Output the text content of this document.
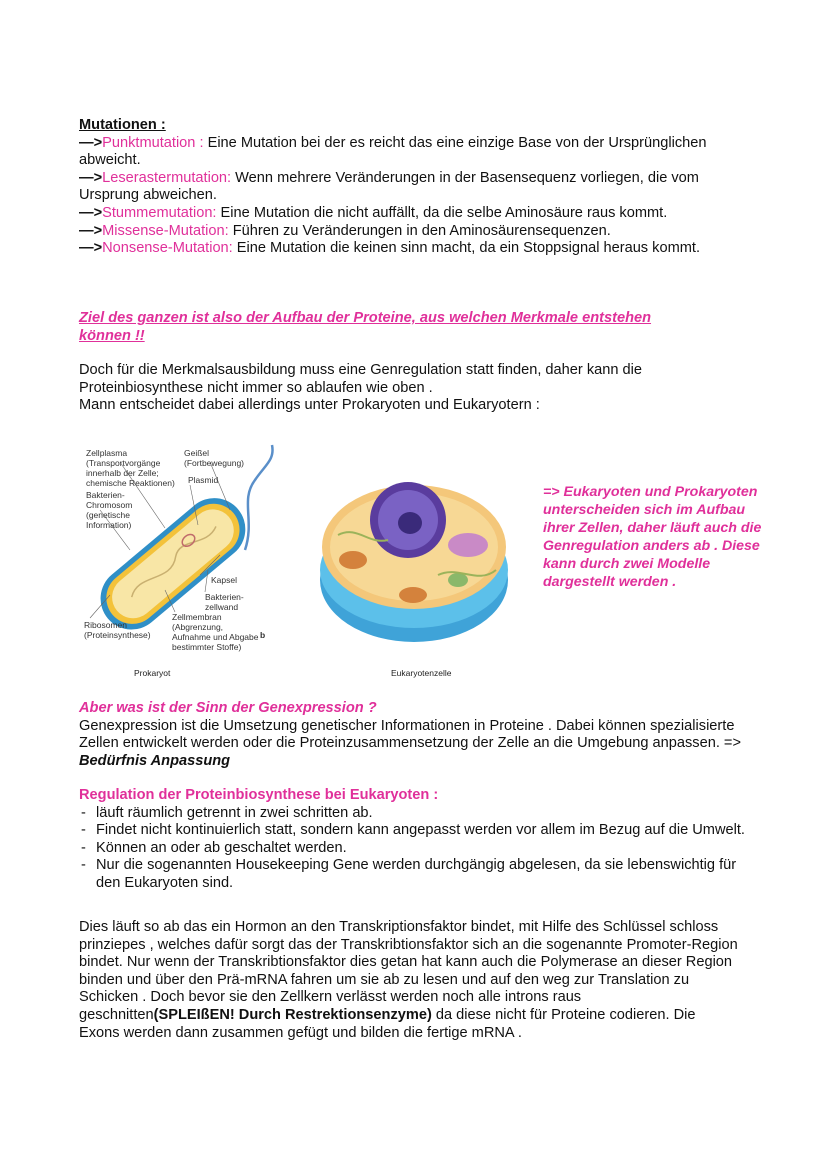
Mutationen :
—>Punktmutation : Eine Mutation bei der es reicht das eine einzige Base von der Ursprünglichen abweicht.
—>Leserastermutation: Wenn mehrere Veränderungen in der Basensequenz vorliegen, die vom Ursprung abweichen.
—>Stummemutation: Eine Mutation die nicht auffällt, da die selbe Aminosäure raus kommt.
—>Missense-Mutation: Führen zu Veränderungen in den Aminosäurensequenzen.
—>Nonsense-Mutation: Eine Mutation die keinen sinn macht, da ein Stoppsignal heraus kommt.
Ziel des ganzen ist also der Aufbau der Proteine, aus welchen Merkmale entstehen
können !!
Doch für die Merkmalsausbildung muss eine Genregulation statt finden, daher kann die Proteinbiosynthese nicht immer so ablaufen wie oben .
Mann entscheidet dabei allerdings unter Prokaryoten und Eukaryotern :
Zellplasma (Transportvorgänge innerhalb der Zelle; chemische Reaktionen)
Geißel (Fortbewegung)
Plasmid
Bakterien-Chromosom (genetische Information)
Kapsel
Bakterien-zellwand
Ribosomen (Proteinsynthese)
Zellmembran (Abgrenzung, Aufnahme und Abgabe bestimmter Stoffe)
b
=> Eukaryoten und Prokaryoten unterscheiden sich im Aufbau ihrer Zellen, daher läuft auch die Genregulation anders ab . Diese kann durch zwei Modelle dargestellt werden .
Prokaryot	Eukaryotenzelle
Aber was ist der Sinn der Genexpression ?
Genexpression ist die Umsetzung genetischer Informationen in Proteine . Dabei können spezialisierte Zellen entwickelt werden oder die Proteinzusammensetzung der Zelle an die Umgebung anpassen. => Bedürfnis Anpassung
Regulation der Proteinbiosynthese bei Eukaryoten :
- läuft räumlich getrennt in zwei schritten ab.
- Findet nicht kontinuierlich statt, sondern kann angepasst werden vor allem im Bezug auf die Umwelt.
- Können an oder ab geschaltet werden.
- Nur die sogenannten Housekeeping Gene werden durchgängig abgelesen, da sie lebenswichtig für den Eukaryoten sind.
Dies läuft so ab das ein Hormon an den Transkriptionsfaktor bindet, mit Hilfe des Schlüssel schloss prinziepes , welches dafür sorgt das der Transkribtionsfaktor sich an die sogenannte Promoter-Region bindet. Nur wenn der Transkribtionsfaktor dies getan hat kann auch die Polymerase an dieser Region binden und über den Prä-mRNA fahren um sie ab zu lesen und auf den weg zur Translation zu Schicken . Doch bevor sie den Zellkern verlässt werden noch alle introns raus geschnitten(SPLEIßEN! Durch Restrektionsenzyme) da diese nicht für Proteine codieren. Die Exons werden dann zusammen gefügt und bilden die fertige mRNA .
